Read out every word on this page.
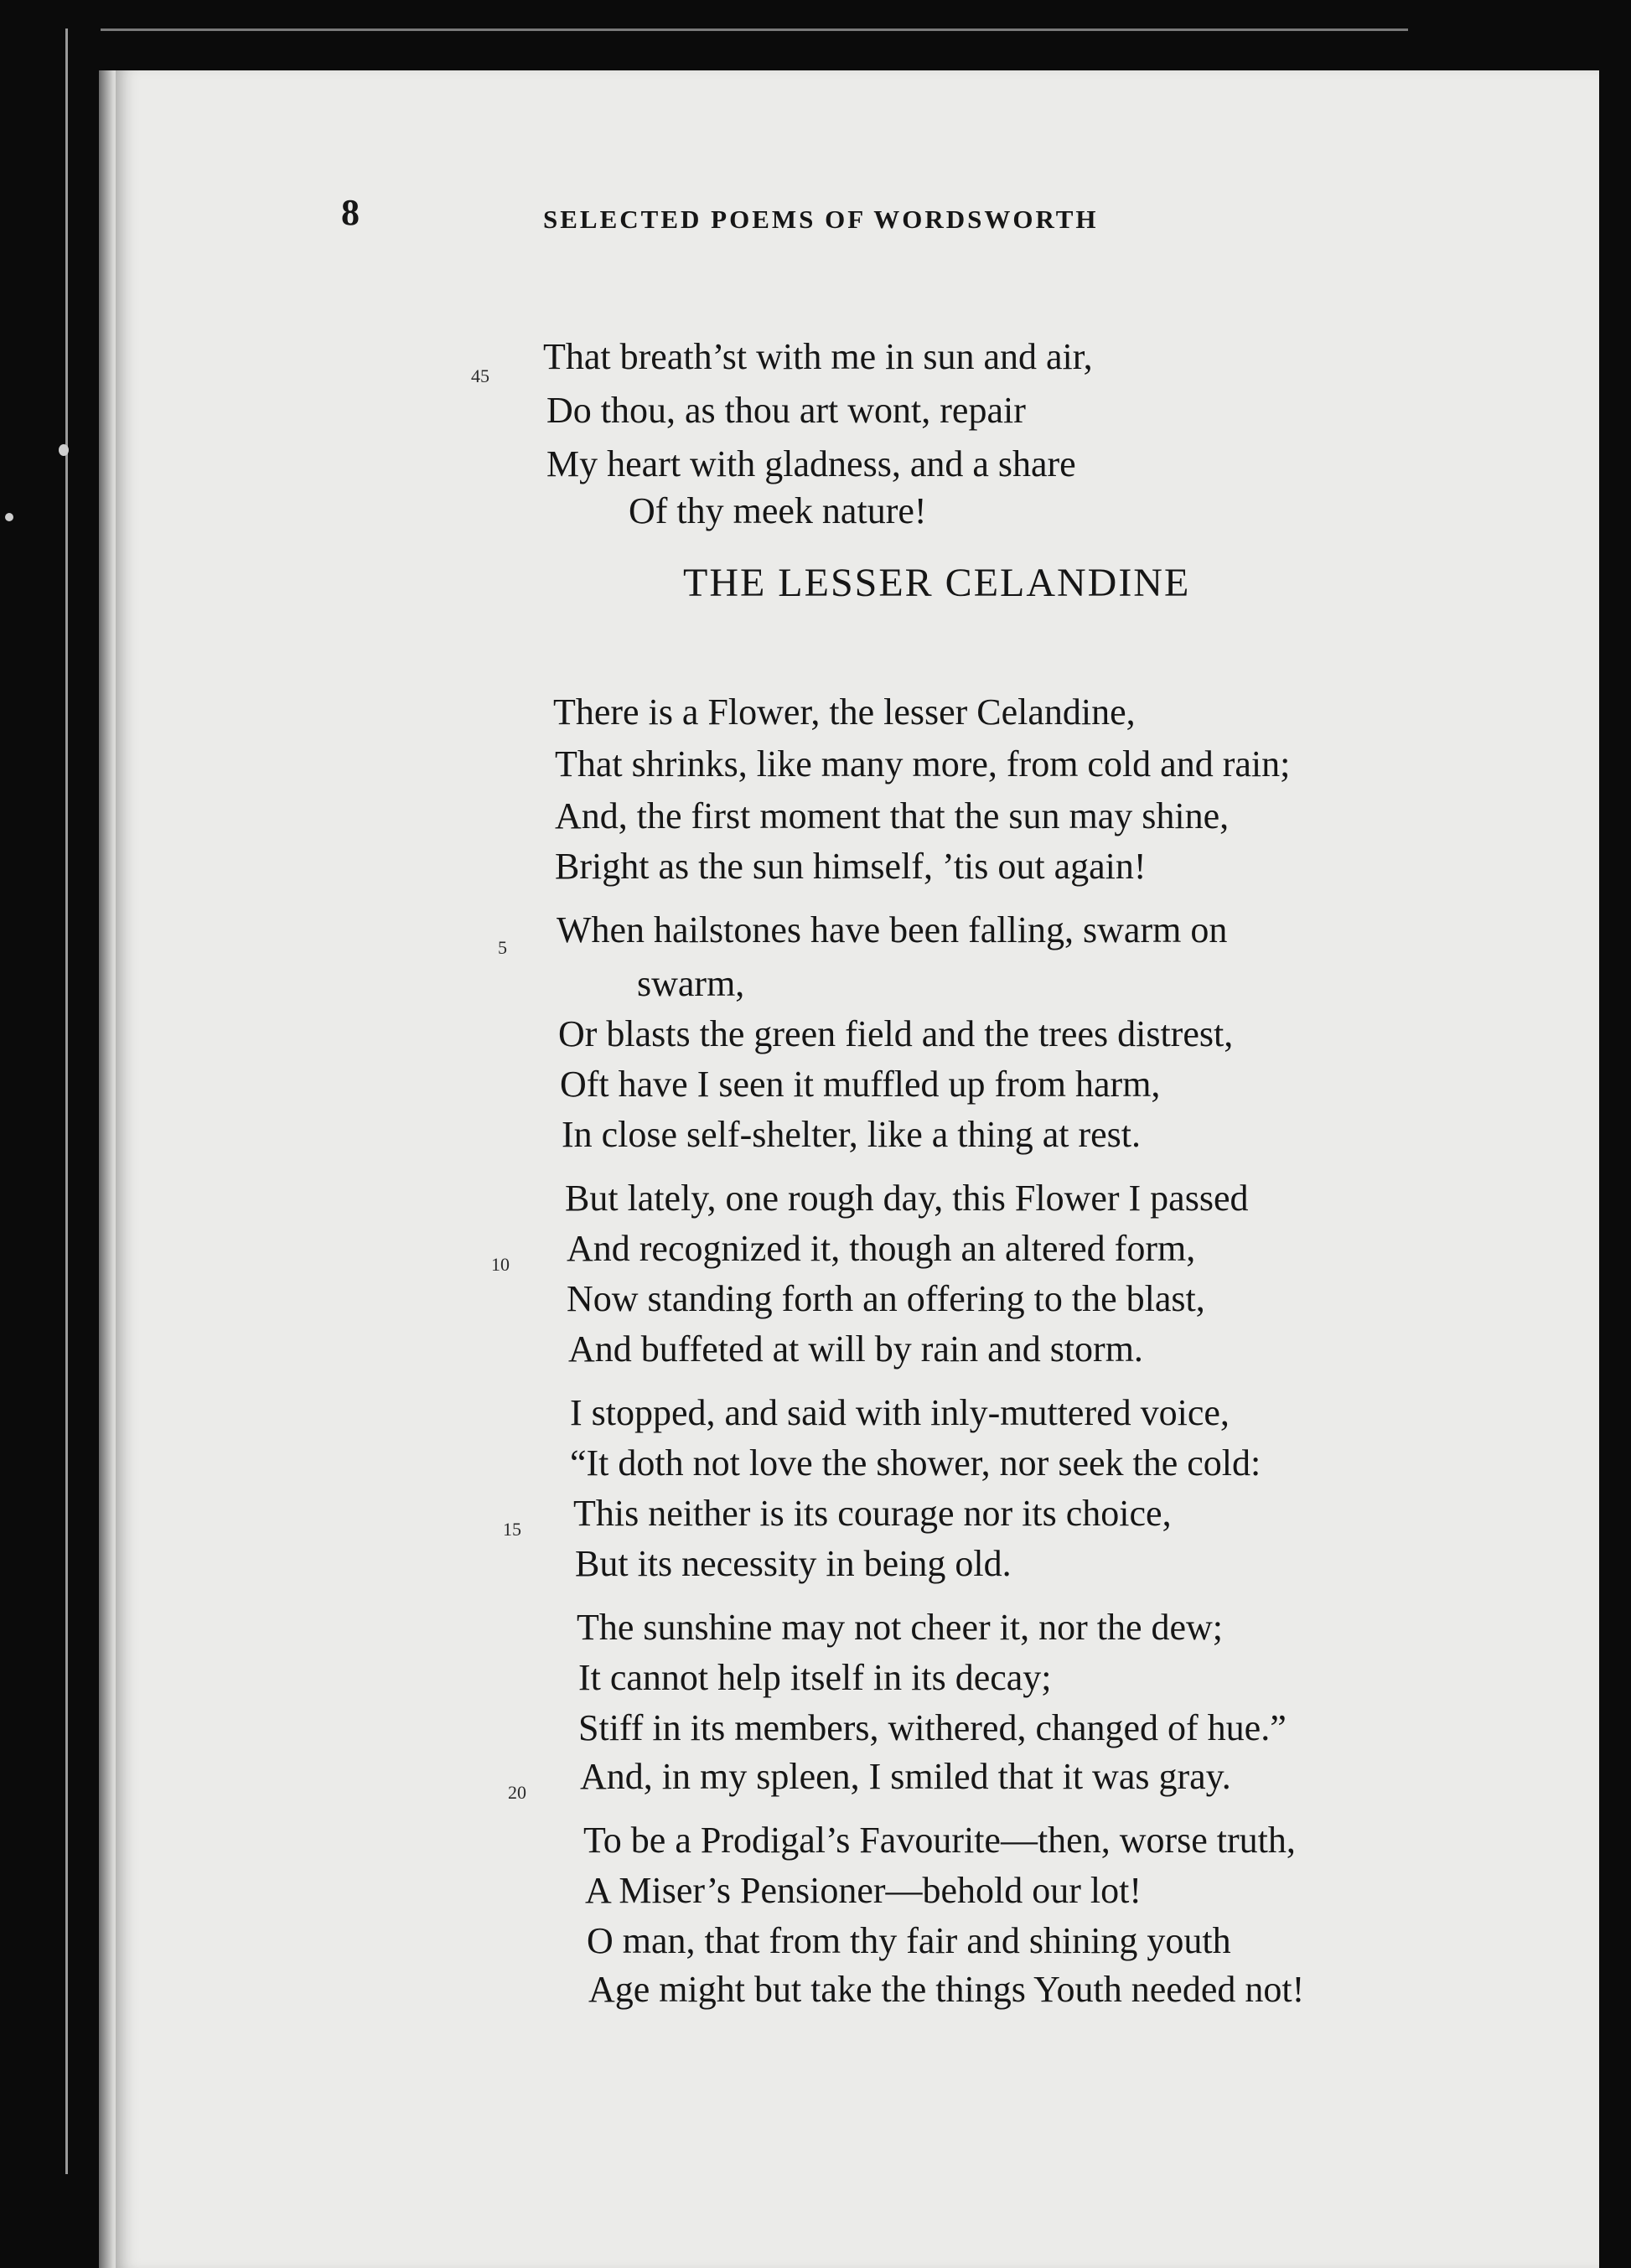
8	SELECTED POEMS OF WORDSWORTH
45 That breath’st with me in sun and air,
Do thou, as thou art wont, repair
My heart with gladness, and a share
Of thy meek nature!
THE LESSER CELANDINE
There is a Flower, the lesser Celandine,
That shrinks, like many more, from cold and rain;
And, the first moment that the sun may shine,
Bright as the sun himself, ’tis out again!
5 When hailstones have been falling, swarm on
swarm,
Or blasts the green field and the trees distrest,
Oft have I seen it muffled up from harm,
In close self-shelter, like a thing at rest.
But lately, one rough day, this Flower I passed
10 And recognized it, though an altered form,
Now standing forth an offering to the blast,
And buffeted at will by rain and storm.
I stopped, and said with inly-muttered voice,
“It doth not love the shower, nor seek the cold:
15 This neither is its courage nor its choice,
But its necessity in being old.
The sunshine may not cheer it, nor the dew;
It cannot help itself in its decay;
Stiff in its members, withered, changed of hue.”
20 And, in my spleen, I smiled that it was gray.
To be a Prodigal’s Favourite—then, worse truth,
A Miser’s Pensioner—behold our lot!
O man, that from thy fair and shining youth
Age might but take the things Youth needed not!
